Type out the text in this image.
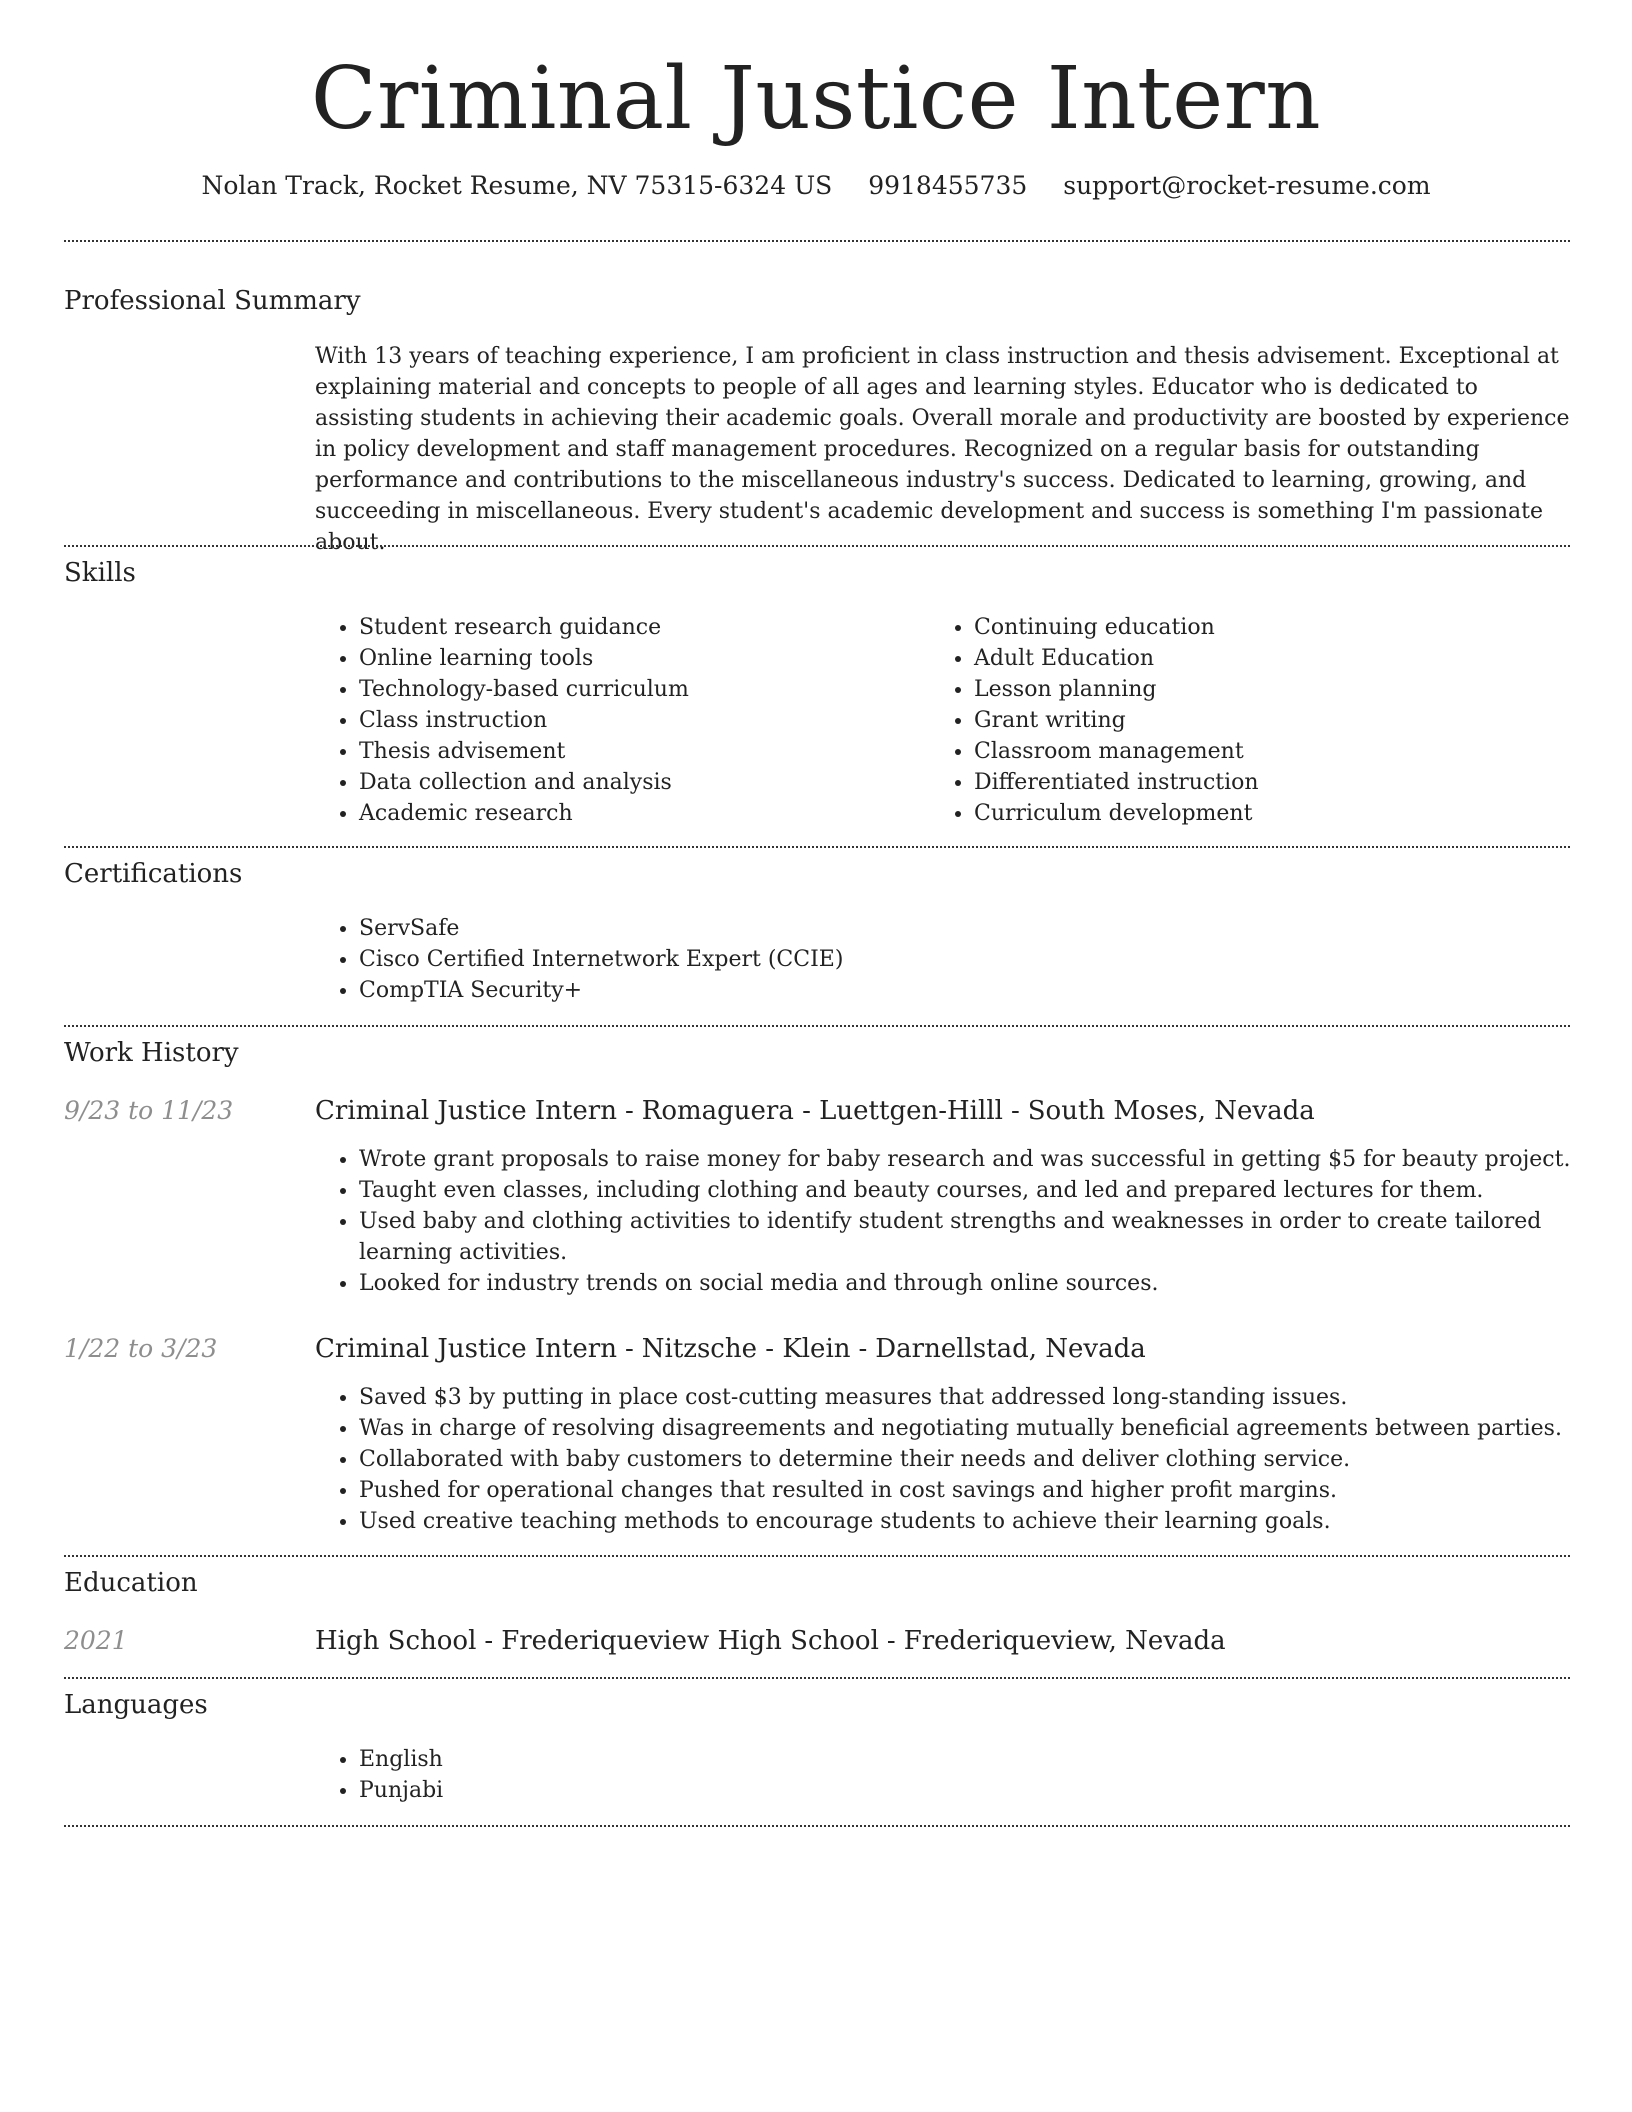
Criminal Justice Intern
Nolan Track, Rocket Resume, NV 75315-6324 US 9918455735 support@rocket-resume.com
Professional Summary

With 13 years of teaching experience, I am proficient in class instruction and thesis advisement. Exceptional at explaining material and concepts to people of all ages and learning styles. Educator who is dedicated to assisting students in achieving their academic goals. Overall morale and productivity are boosted by experience in policy development and staff management procedures. Recognized on a regular basis for outstanding performance and contributions to the miscellaneous industry's success. Dedicated to learning, growing, and succeeding in miscellaneous. Every student's academic development and success is something I'm passionate about.

Skills
• Student research guidance
• Online learning tools
• Technology-based curriculum
• Class instruction
• Thesis advisement
• Data collection and analysis
• Academic research
• Continuing education
• Adult Education
• Lesson planning
• Grant writing
• Classroom management
• Differentiated instruction
• Curriculum development
Certifications
• ServSafe
• Cisco Certified Internetwork Expert (CCIE)
• CompTIA Security+
Work History
9/23 to 11/23	Criminal Justice Intern - Romaguera - Luettgen-Hilll - South Moses, Nevada
• Wrote grant proposals to raise money for baby research and was successful in getting $5 for beauty project.
• Taught even classes, including clothing and beauty courses, and led and prepared lectures for them.
• Used baby and clothing activities to identify student strengths and weaknesses in order to create tailored learning activities.
• Looked for industry trends on social media and through online sources.
1/22 to 3/23	Criminal Justice Intern - Nitzsche - Klein - Darnellstad, Nevada
• Saved $3 by putting in place cost-cutting measures that addressed long-standing issues.
• Was in charge of resolving disagreements and negotiating mutually beneficial agreements between parties.
• Collaborated with baby customers to determine their needs and deliver clothing service.
• Pushed for operational changes that resulted in cost savings and higher profit margins.
• Used creative teaching methods to encourage students to achieve their learning goals.
Education
2021	High School - Frederiqueview High School - Frederiqueview, Nevada
Languages
• English
• Punjabi
